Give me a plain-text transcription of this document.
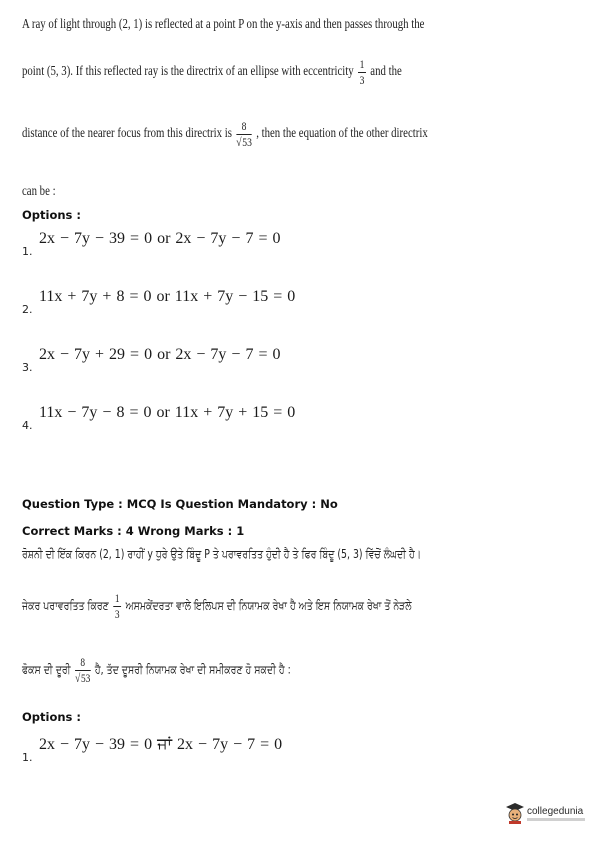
A ray of light through (2, 1) is reflected at a point P on the y-axis and then passes through the
point (5, 3). If this reflected ray is the directrix of an ellipse with eccentricity $\frac{1}{3}$ and the
distance of the nearer focus from this directrix is $\frac{8}{√53}$ , then the equation of the other directrix
can be :
Options :
2x − 7y − 39 = 0 or 2x − 7y − 7 = 0
1.
11x + 7y + 8 = 0 or 11x + 7y − 15 = 0
2.
2x − 7y + 29 = 0 or 2x − 7y − 7 = 0
3.
11x − 7y − 8 = 0 or 11x + 7y + 15 = 0
4.
Question Type : MCQ Is Question Mandatory : No
Correct Marks : 4 Wrong Marks : 1
ਰੋਸ਼ਨੀ ਦੀ ਇੱਕ ਕਿਰਨ (2, 1) ਰਾਹੀਂ y ਧੁਰੇ ਉਤੇ ਬਿੰਦੂ P ਤੇ ਪਰਾਵਰਤਿਤ ਹੁੰਦੀ ਹੈ ਤੇ ਫਿਰ ਬਿੰਦੂ (5, 3) ਵਿੱਚੋਂ ਲੰਘਦੀ ਹੈ।
ਜੇਕਰ ਪਰਾਵਰਤਿਤ ਕਿਰਣ $\frac{1}{3}$ ਅਸਮਕੇਂਦਰਤਾ ਵਾਲੇ ਇਲਿਪਸ ਦੀ ਨਿਯਾਮਕ ਰੇਖਾ ਹੈ ਅਤੇ ਇਸ ਨਿਯਾਮਕ ਰੇਖਾ ਤੋਂ ਨੇੜਲੇ
ਫੋਕਸ ਦੀ ਦੂਰੀ $\frac{8}{√53}$ ਹੈ, ਤੱਦ ਦੂਸਰੀ ਨਿਯਾਮਕ ਰੇਖਾ ਦੀ ਸਮੀਕਰਣ ਹੋ ਸਕਦੀ ਹੈ :
Options :
2x − 7y − 39 = 0 ਜਾਂ 2x − 7y − 7 = 0
1.
collegedunia
